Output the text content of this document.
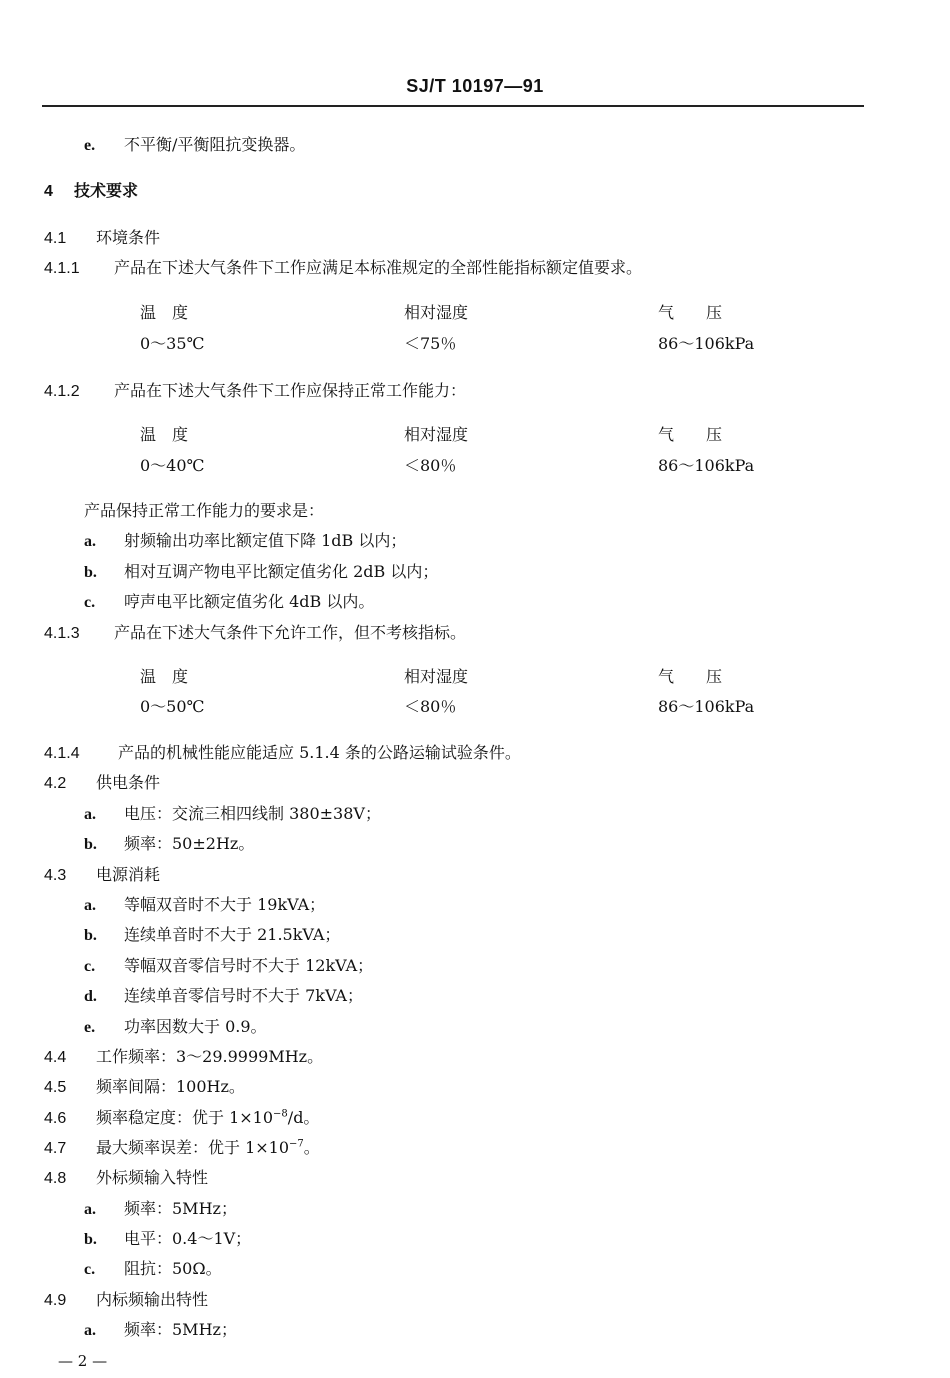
SJ/T 10197—91
e. 不平衡/平衡阻抗变换器。
4 技术要求
4.1 环境条件
4.1.1 产品在下述大气条件下工作应满足本标准规定的全部性能指标额定值要求。
温　度	相对湿度	气　　压
0～35℃	＜75％	86～106kPa
4.1.2 产品在下述大气条件下工作应保持正常工作能力：
温　度	相对湿度	气　　压
0～40℃	＜80％	86～106kPa
产品保持正常工作能力的要求是：
a. 射频输出功率比额定值下降 1dB 以内；
b. 相对互调产物电平比额定值劣化 2dB 以内；
c. 哼声电平比额定值劣化 4dB 以内。
4.1.3 产品在下述大气条件下允许工作，但不考核指标。
温　度	相对湿度	气　　压
0～50℃	＜80％	86～106kPa
4.1.4 产品的机械性能应能适应 5.1.4 条的公路运输试验条件。
4.2 供电条件
a. 电压：交流三相四线制 380±38V；
b. 频率：50±2Hz。
4.3 电源消耗
a. 等幅双音时不大于 19kVA；
b. 连续单音时不大于 21.5kVA；
c. 等幅双音零信号时不大于 12kVA；
d. 连续单音零信号时不大于 7kVA；
e. 功率因数大于 0.9。
4.4 工作频率：3～29.9999MHz。
4.5 频率间隔：100Hz。
4.6 频率稳定度：优于 $1\times 10^{-8}/d$。
4.7 最大频率误差：优于 $1\times 10^{-7}$。
4.8 外标频输入特性
a. 频率：5MHz；
b. 电平：0.4～1V；
c. 阻抗：50Ω。
4.9 内标频输出特性
a. 频率：5MHz；
— 2 —
